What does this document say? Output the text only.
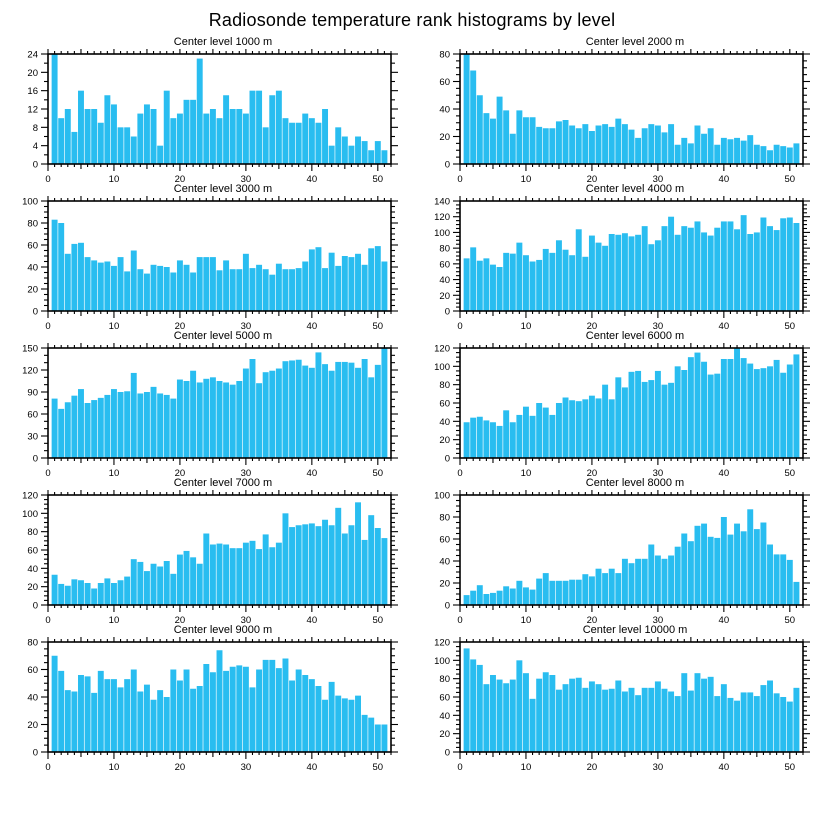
Radiosonde temperature rank histograms by level
Center level 1000 m
0	10	20	30	40	50
0
4
8
12
16
20
24
Center level 2000 m
0	10	20	30	40	50
0
20
40
60
80
Center level 3000 m
0	10	20	30	40	50
0
20
40
60
80
100
Center level 4000 m
0	10	20	30	40	50
0
20
40
60
80
100
120
140
Center level 5000 m
0	10	20	30	40	50
0
30
60
90
120
150
Center level 6000 m
0	10	20	30	40	50
0
20
40
60
80
100
120
Center level 7000 m
0	10	20	30	40	50
0
20
40
60
80
100
120
Center level 8000 m
0	10	20	30	40	50
0
20
40
60
80
100
Center level 9000 m
0	10	20	30	40	50
0
20
40
60
80
Center level 10000 m
0	10	20	30	40	50
0
20
40
60
80
100
120
